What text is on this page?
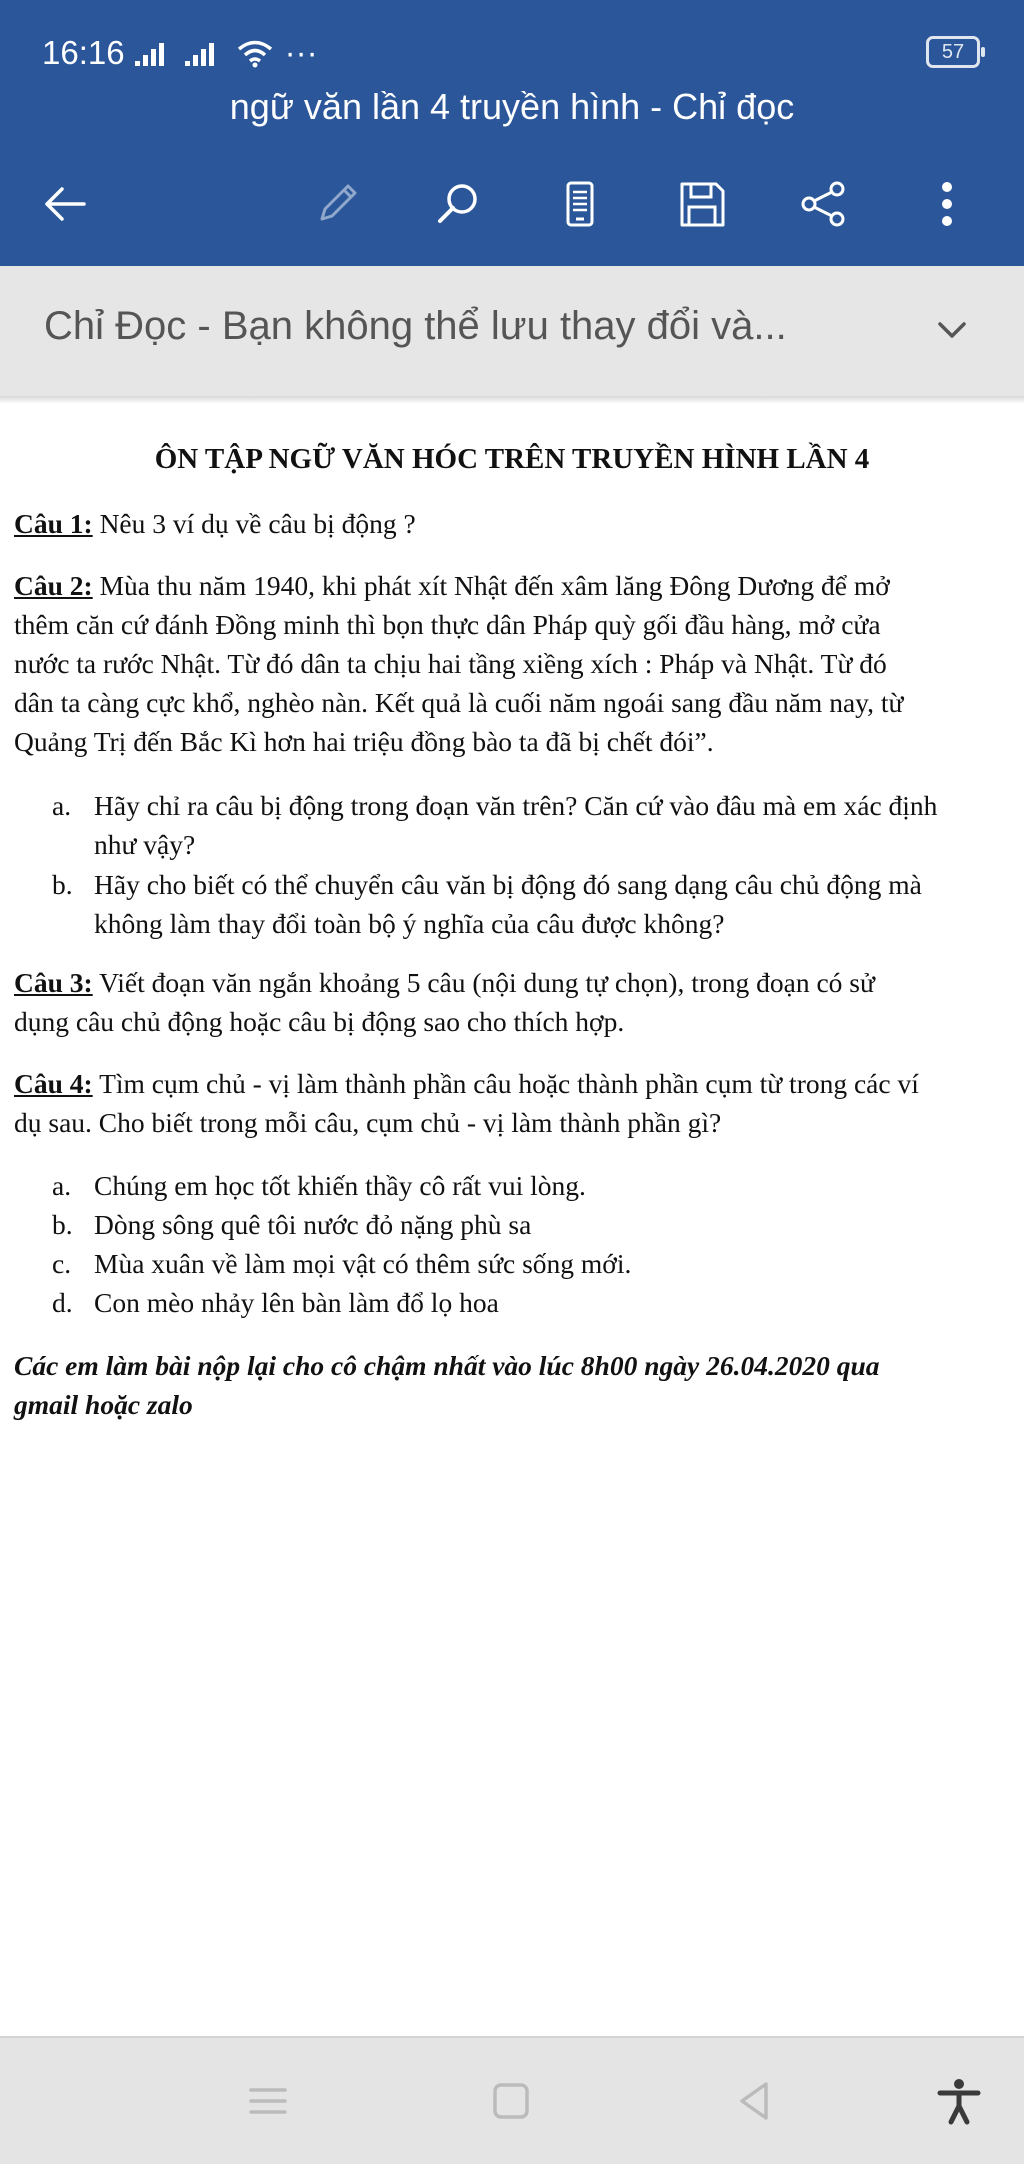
16:16	···	57
ngữ văn lần 4 truyền hình - Chỉ đọc
Chỉ Đọc - Bạn không thể lưu thay đổi và...
ÔN TẬP NGỮ VĂN HÓC TRÊN TRUYỀN HÌNH LẦN 4
Câu 1: Nêu 3 ví dụ về câu bị động ?
Câu 2: Mùa thu năm 1940, khi phát xít Nhật đến xâm lăng Đông Dương để mở
thêm căn cứ đánh Đồng minh thì bọn thực dân Pháp quỳ gối đầu hàng, mở cửa
nước ta rước Nhật. Từ đó dân ta chịu hai tầng xiềng xích : Pháp và Nhật. Từ đó
dân ta càng cực khổ, nghèo nàn. Kết quả là cuối năm ngoái sang đầu năm nay, từ
Quảng Trị đến Bắc Kì hơn hai triệu đồng bào ta đã bị chết đói”.
a. Hãy chỉ ra câu bị động trong đoạn văn trên? Căn cứ vào đâu mà em xác định
như vậy?
b. Hãy cho biết có thể chuyển câu văn bị động đó sang dạng câu chủ động mà
không làm thay đổi toàn bộ ý nghĩa của câu được không?
Câu 3: Viết đoạn văn ngắn khoảng 5 câu (nội dung tự chọn), trong đoạn có sử
dụng câu chủ động hoặc câu bị động sao cho thích hợp.
Câu 4: Tìm cụm chủ - vị làm thành phần câu hoặc thành phần cụm từ trong các ví
dụ sau. Cho biết trong mỗi câu, cụm chủ - vị làm thành phần gì?
a. Chúng em học tốt khiến thầy cô rất vui lòng.
b. Dòng sông quê tôi nước đỏ nặng phù sa
c. Mùa xuân về làm mọi vật có thêm sức sống mới.
d. Con mèo nhảy lên bàn làm đổ lọ hoa
Các em làm bài nộp lại cho cô chậm nhất vào lúc 8h00 ngày 26.04.2020 qua
gmail hoặc zalo
